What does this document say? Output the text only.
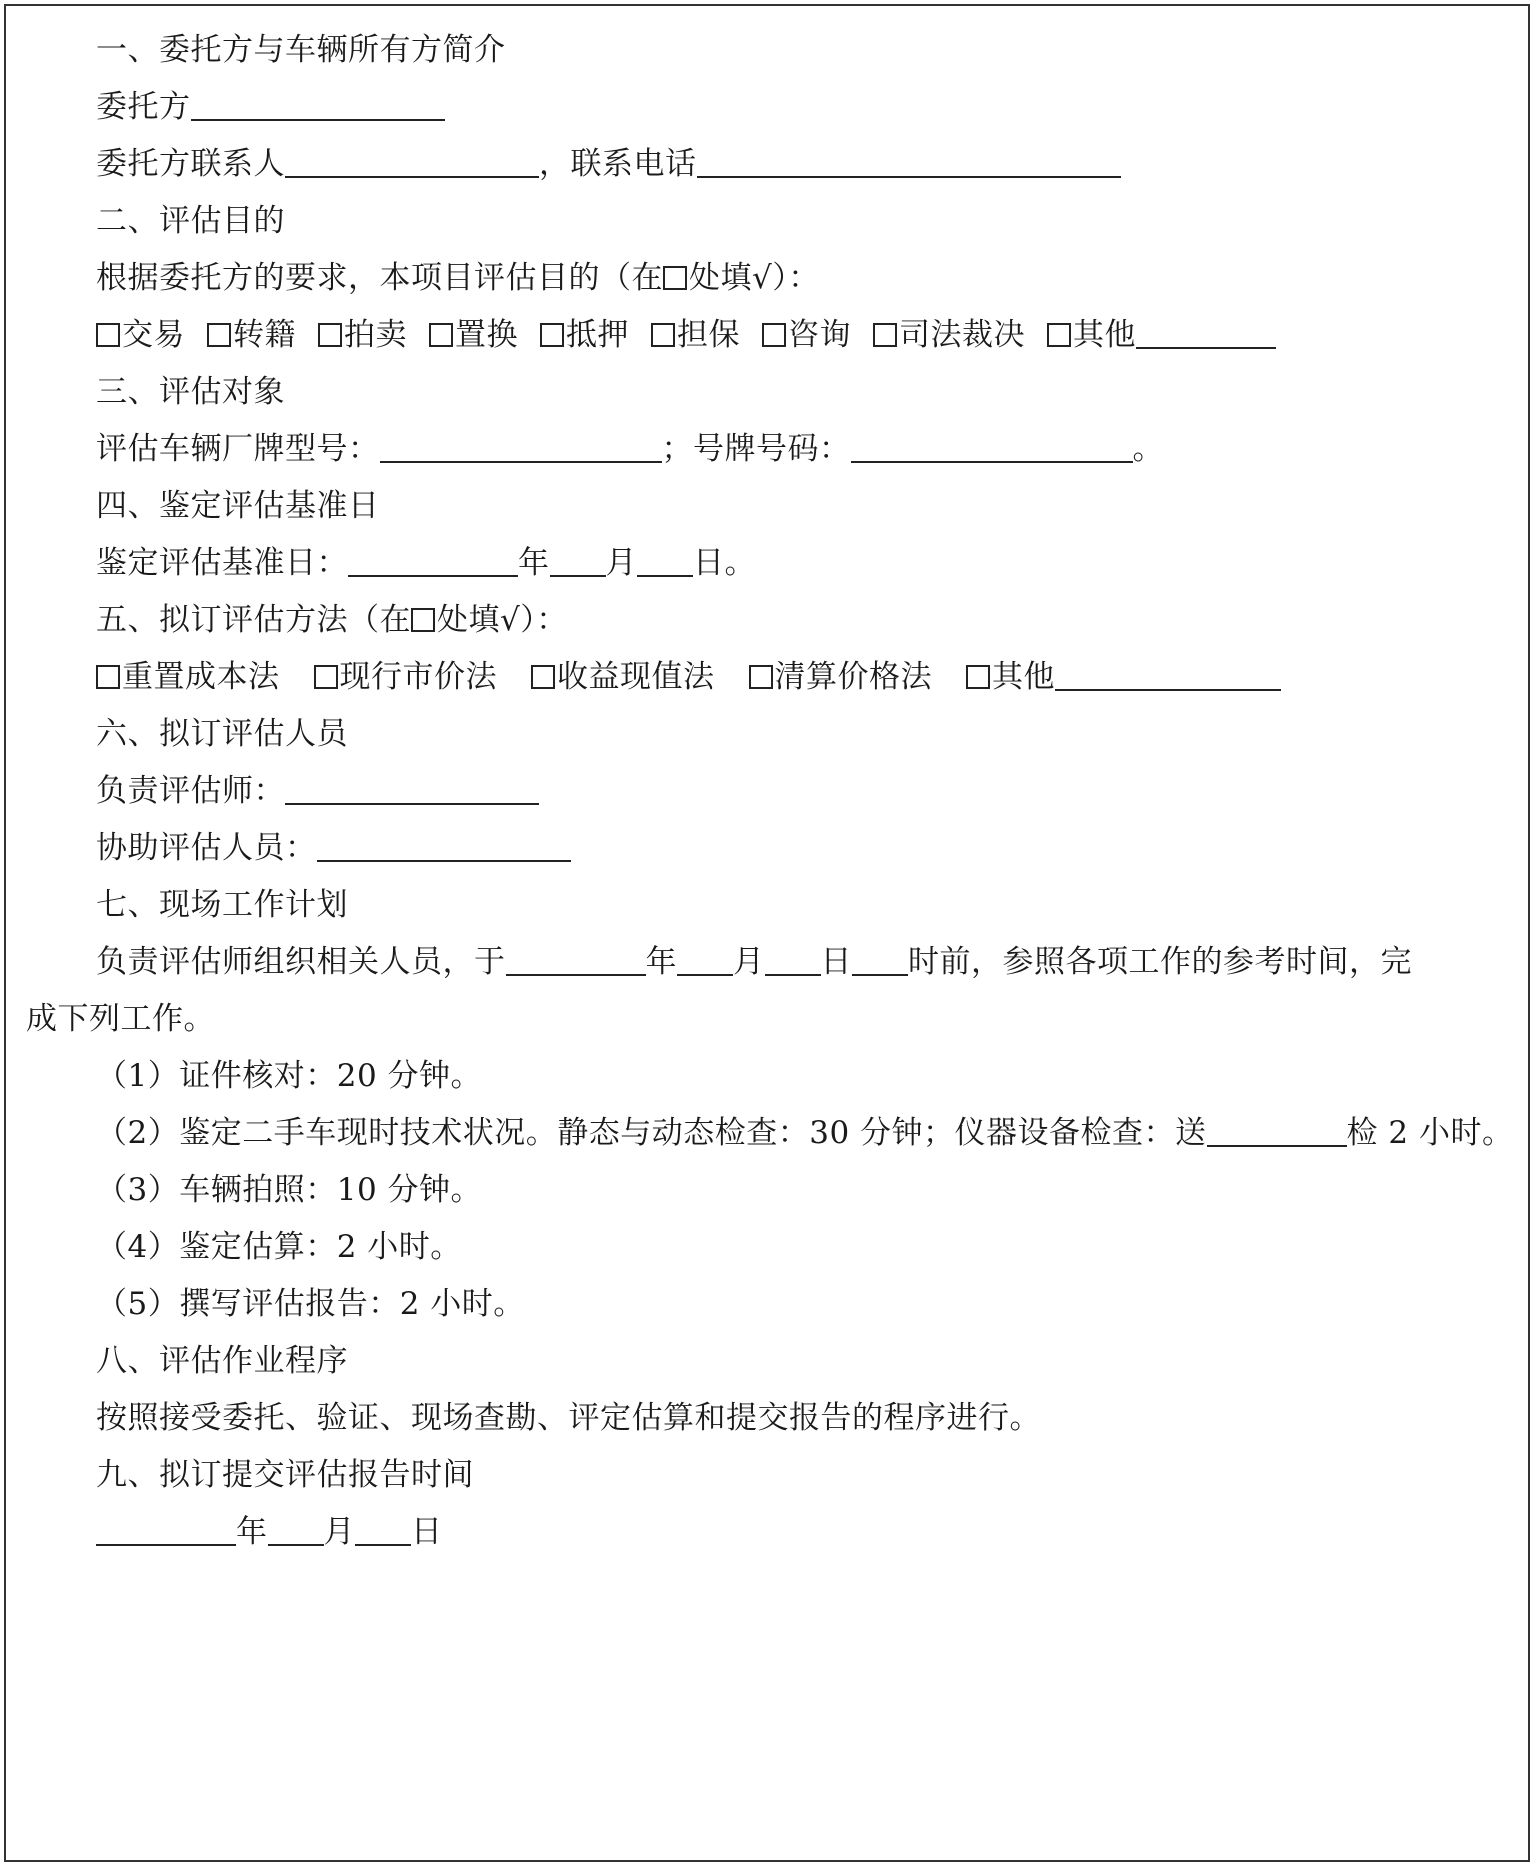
一、委托方与车辆所有方简介
委托方
委托方联系人	，联系电话
二、评估目的
根据委托方的要求，本项目评估目的（在 处填√）：
交易 转籍 拍卖 置换 抵押 担保 咨询 司法裁决 其他
三、评估对象
评估车辆厂牌型号：	；号牌号码：	。
四、鉴定评估基准日
鉴定评估基准日：	年 月 日。
五、拟订评估方法（在 处填√）：
重置成本法 现行市价法 收益现值法 清算价格法 其他
六、拟订评估人员
负责评估师：
协助评估人员：
七、现场工作计划
负责评估师组织相关人员，于	年 月 日 时前，参照各项工作的参考时间，完
成下列工作。
（1）证件核对：20 分钟。
（2）鉴定二手车现时技术状况。静态与动态检查：30 分钟；仪器设备检查：送	检 2 小时。
（3）车辆拍照：10 分钟。
（4）鉴定估算：2 小时。
（5）撰写评估报告：2 小时。
八、评估作业程序
按照接受委托、验证、现场查勘、评定估算和提交报告的程序进行。
九、拟订提交评估报告时间
年 月 日
